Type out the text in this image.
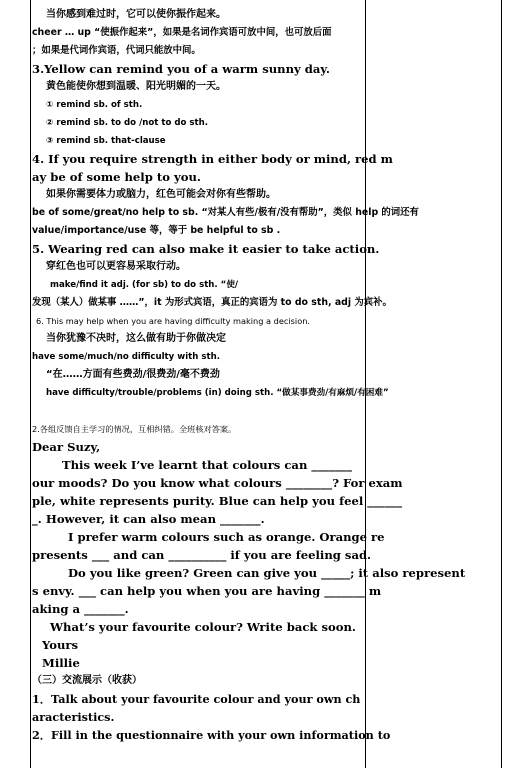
当你感到难过时，它可以使你振作起来。
cheer … up “使振作起来”，如果是名词作宾语可放中间，也可放后面
；如果是代词作宾语，代词只能放中间。
3.Yellow can remind you of a warm sunny day.
黄色能使你想到温暖、阳光明媚的一天。
① remind sb. of sth.
② remind sb. to do /not to do sth.
③ remind sb. that-clause
4. If you require strength in either body or mind, red m
ay be of some help to you.
如果你需要体力或脑力，红色可能会对你有些帮助。
be of some/great/no help to sb. “对某人有些/极有/没有帮助”，类似 help 的词还有
value/importance/use 等，等于 be helpful to sb .
5. Wearing red can also make it easier to take action.
穿红色也可以更容易采取行动。
make/find it adj. (for sb) to do sth. “使/
发现（某人）做某事 ……”，it 为形式宾语，真正的宾语为 to do sth, adj 为宾补。
6. This may help when you are having difficulty making a decision.
当你犹豫不决时，这么做有助于你做决定
have some/much/no difficulty with sth.
“在……方面有些费劲/很费劲/毫不费劲
have difficulty/trouble/problems (in) doing sth. “做某事费劲/有麻烦/有困难”
2.各组反馈自主学习的情况，互相纠错。全班核对答案。
Dear Suzy,
This week I’ve learnt that colours can _______
our moods? Do you know what colours ________? For exam
ple, white represents purity. Blue can help you feel ______
_. However, it can also mean _______.
I prefer warm colours such as orange. Orange re
presents ___ and can __________ if you are feeling sad.
Do you like green? Green can give you _____; it also represent
s envy. ___ can help you when you are having _______ m
aking a _______.
What’s your favourite colour? Write back soon.
Yours
Millie
（三）交流展示（收获）
1．Talk about your favourite colour and your own ch
aracteristics.
2．Fill in the questionnaire with your own information to
